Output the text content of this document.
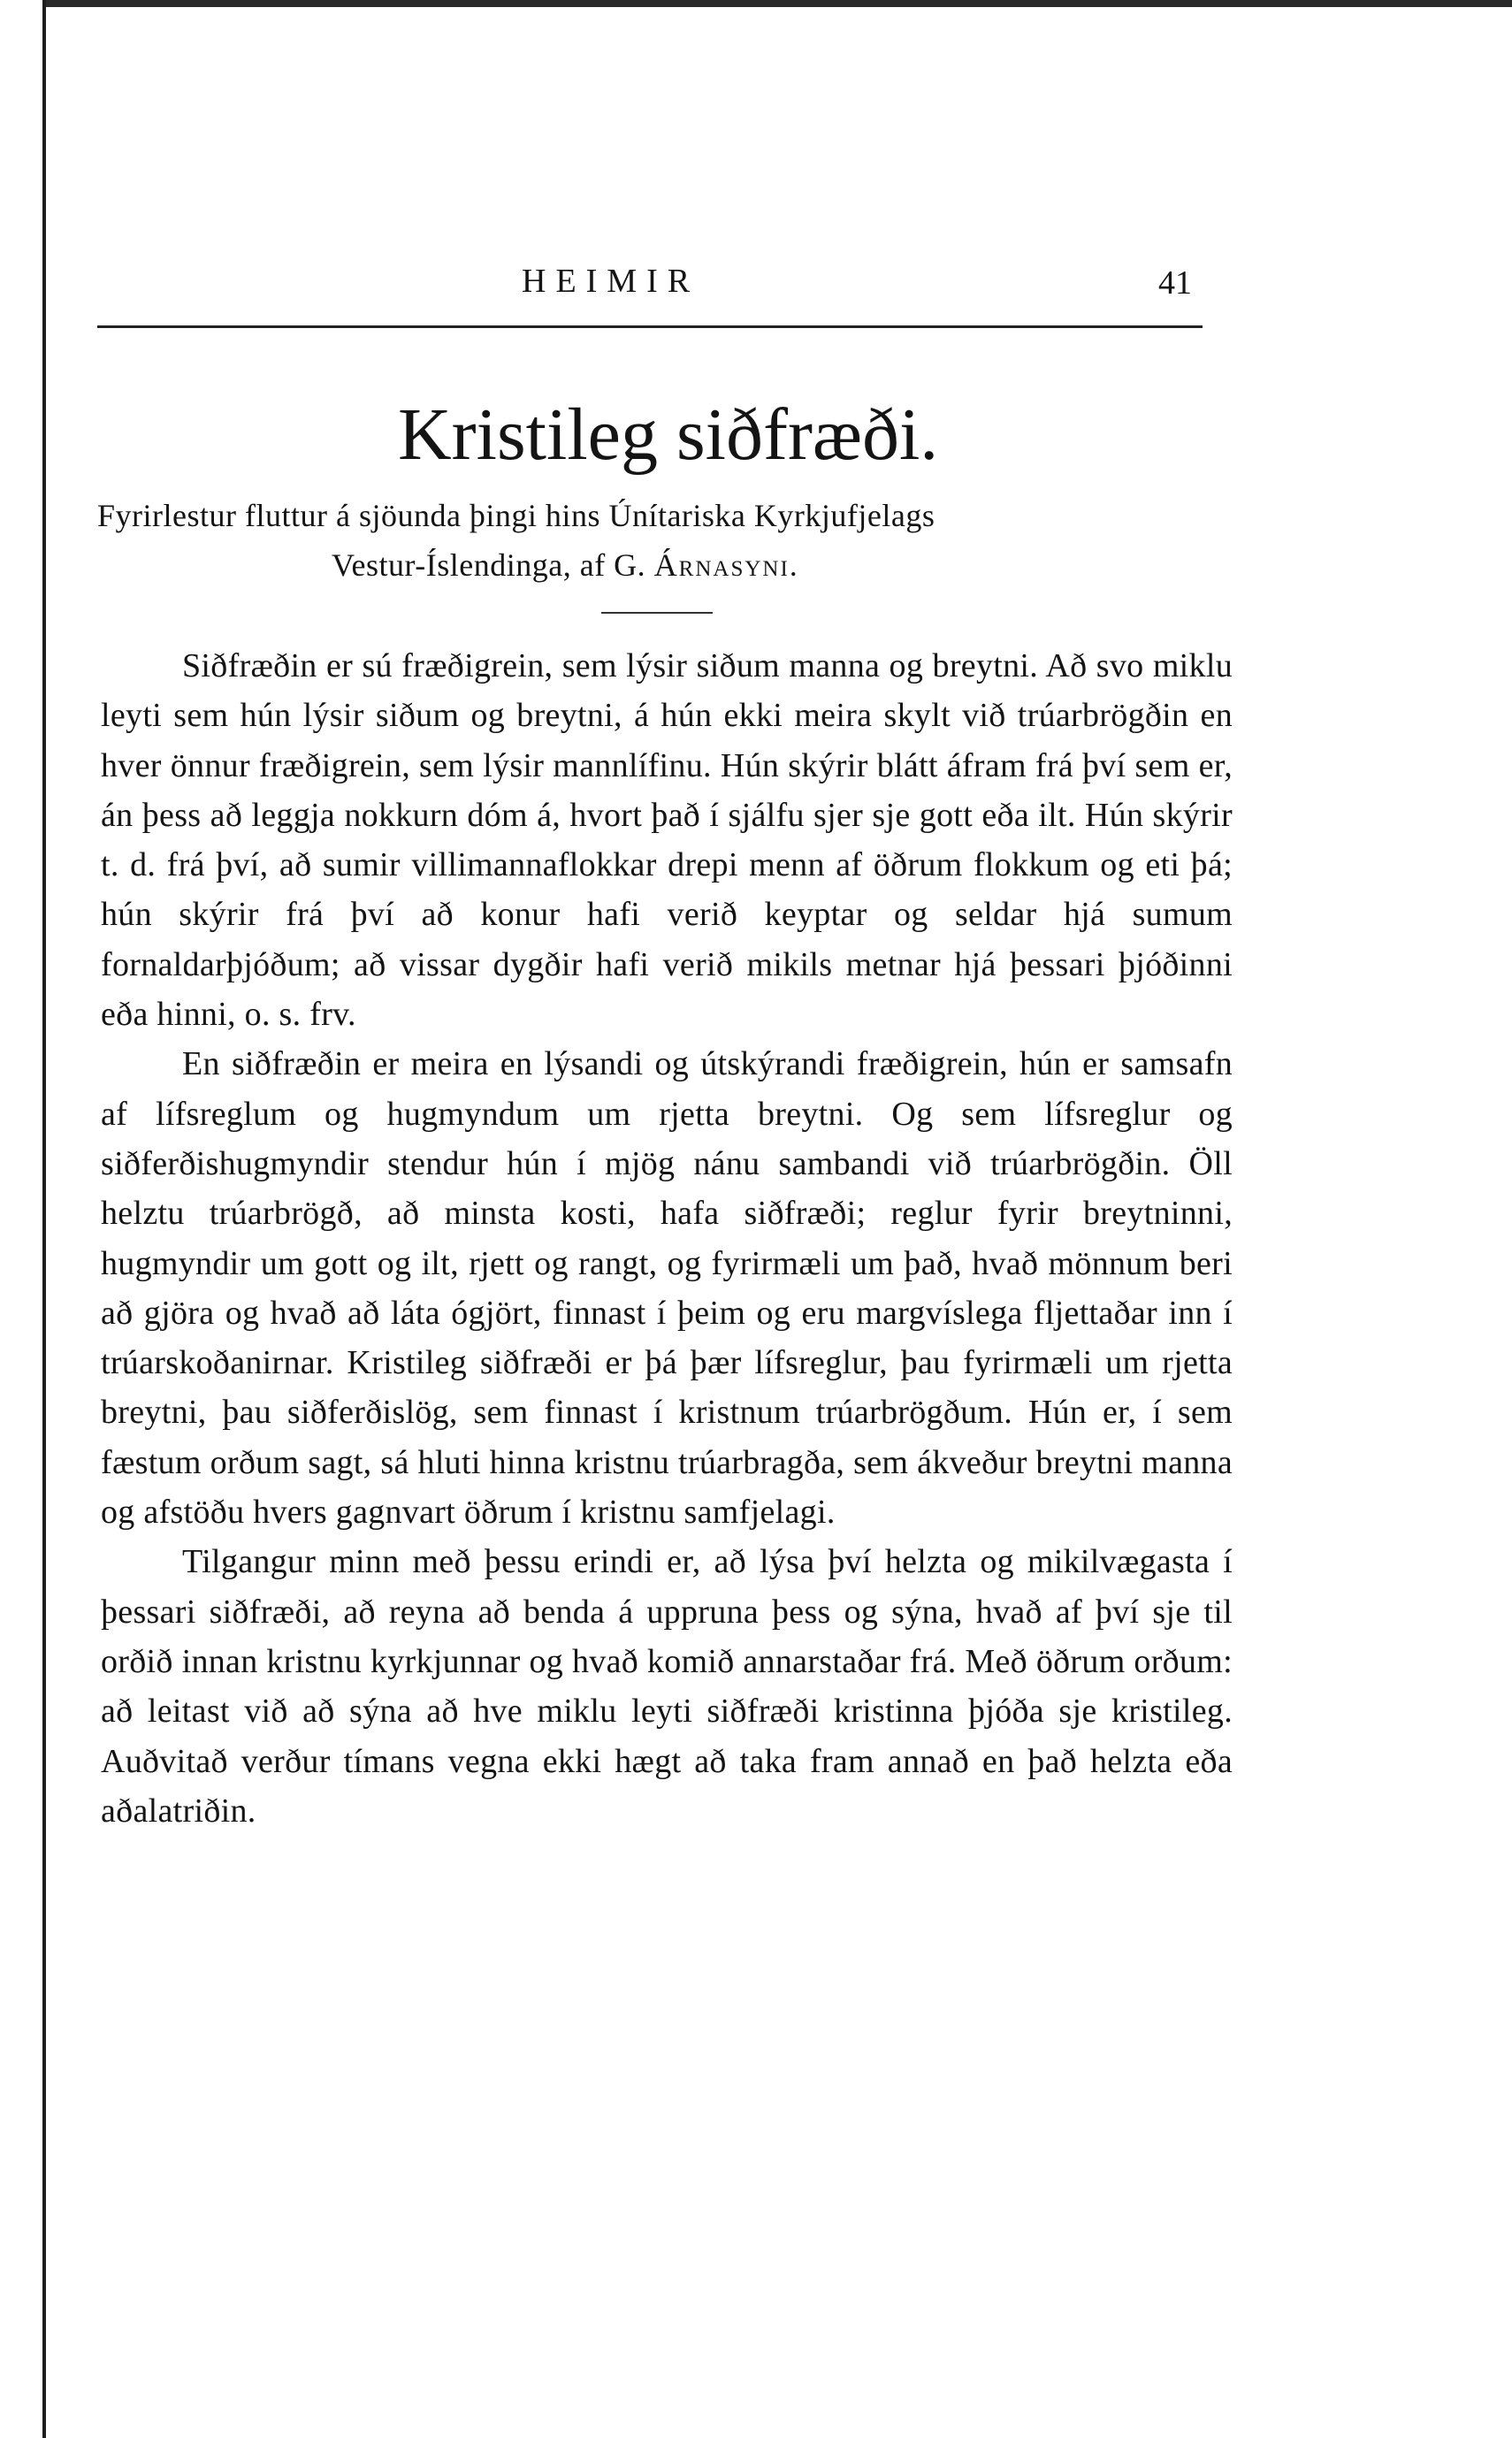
HEIMIR	41
Kristileg siðfræði.
Fyrirlestur fluttur á sjöunda þingi hins Únítariska Kyrkjufjelags
Vestur-Íslendinga, af G. Árnasyni.

Siðfræðin er sú fræðigrein, sem lýsir siðum manna og breytni. Að svo miklu leyti sem hún lýsir siðum og breytni, á hún ekki meira skylt við trúarbrögðin en hver önnur fræðigrein, sem lýsir mannlífinu. Hún skýrir blátt áfram frá því sem er, án þess að leggja nokkurn dóm á, hvort það í sjálfu sjer sje gott eða ilt. Hún skýrir t. d. frá því, að sumir villimannaflokkar drepi menn af öðrum flokkum og eti þá; hún skýrir frá því að konur hafi verið keyptar og seldar hjá sumum fornaldarþjóðum; að vissar dygðir hafi verið mikils metnar hjá þessari þjóðinni eða hinni, o. s. frv.

En siðfræðin er meira en lýsandi og útskýrandi fræðigrein, hún er samsafn af lífsreglum og hugmyndum um rjetta breytni. Og sem lífsreglur og siðferðishugmyndir stendur hún í mjög nánu sambandi við trúarbrögðin. Öll helztu trúarbrögð, að minsta kosti, hafa siðfræði; reglur fyrir breytninni, hugmyndir um gott og ilt, rjett og rangt, og fyrirmæli um það, hvað mönnum beri að gjöra og hvað að láta ógjört, finnast í þeim og eru margvíslega fljettaðar inn í trúarskoðanirnar. Kristileg siðfræði er þá þær lífsreglur, þau fyrirmæli um rjetta breytni, þau siðferðislög, sem finnast í kristnum trúarbrögðum. Hún er, í sem fæstum orðum sagt, sá hluti hinna kristnu trúarbragða, sem ákveður breytni manna og afstöðu hvers gagnvart öðrum í kristnu samfjelagi.

Tilgangur minn með þessu erindi er, að lýsa því helzta og mikilvægasta í þessari siðfræði, að reyna að benda á uppruna þess og sýna, hvað af því sje til orðið innan kristnu kyrkjunnar og hvað komið annarstaðar frá. Með öðrum orðum: að leitast við að sýna að hve miklu leyti siðfræði kristinna þjóða sje kristileg. Auðvitað verður tímans vegna ekki hægt að taka fram annað en það helzta eða aðalatriðin.
